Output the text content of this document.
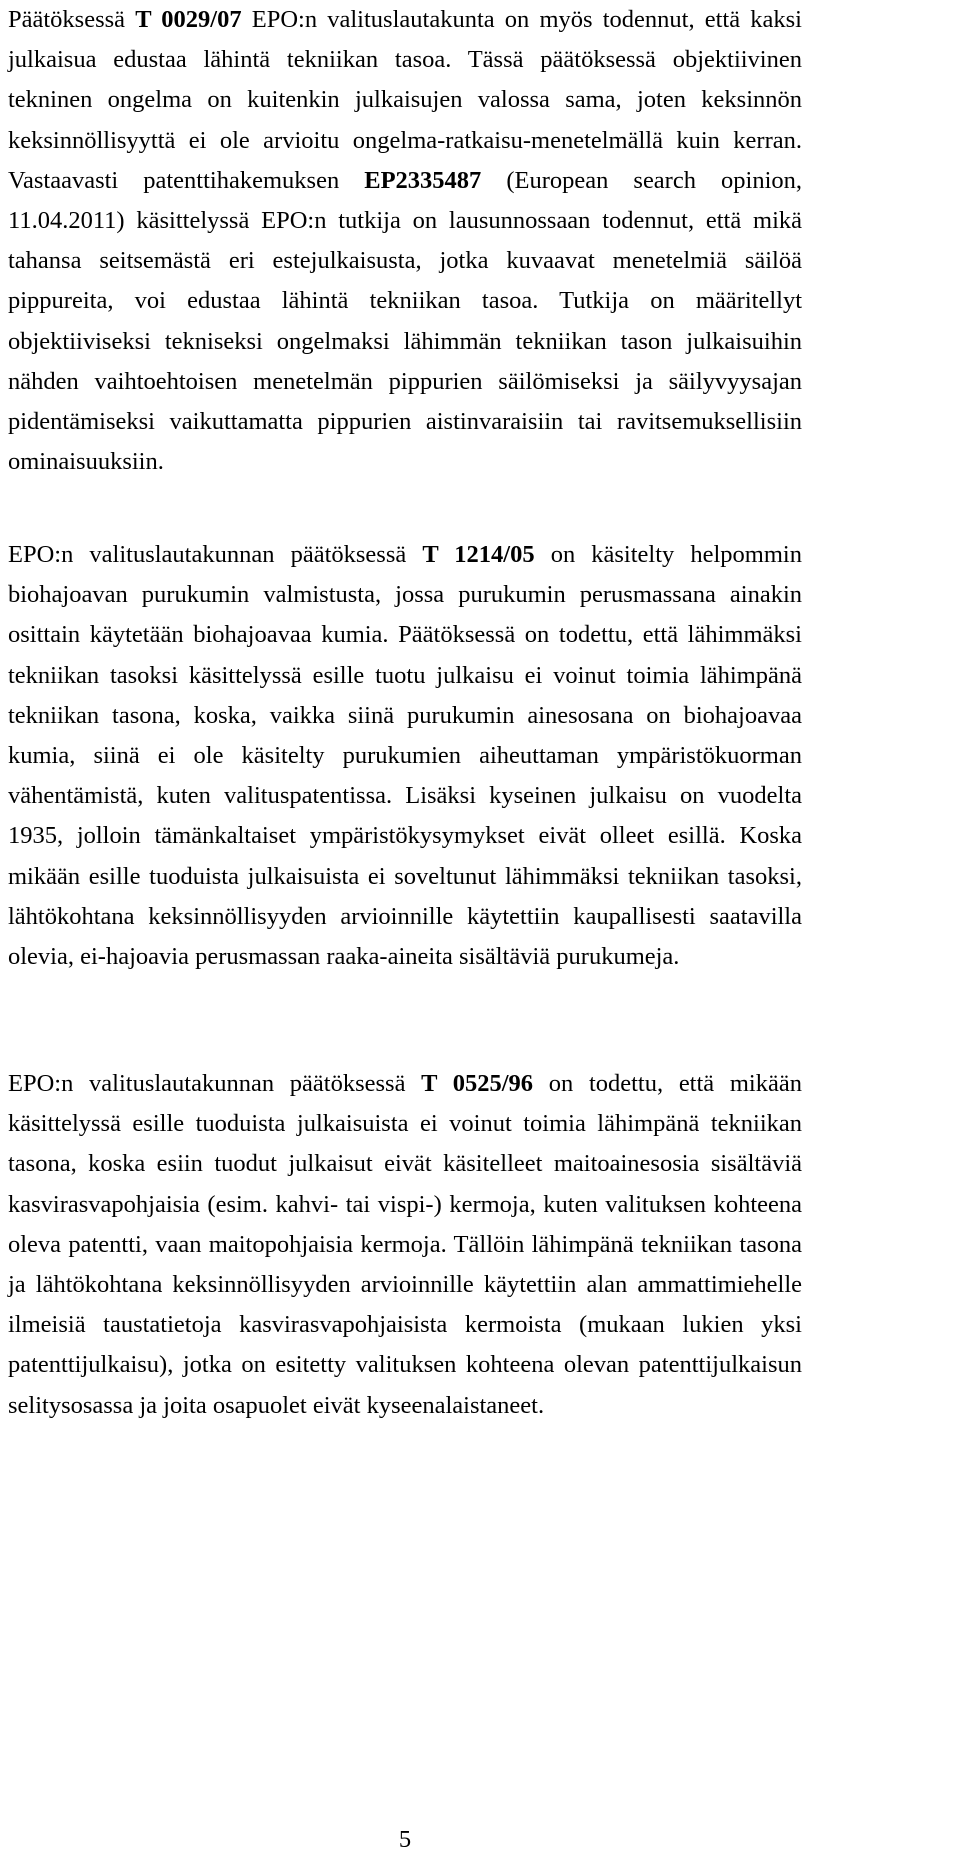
Päätöksessä T 0029/07 EPO:n valituslautakunta on myös todennut, että kaksi julkaisua edustaa lähintä tekniikan tasoa. Tässä päätöksessä objektiivinen tekninen ongelma on kuitenkin julkaisujen valossa sama, joten keksinnön keksinnöllisyyttä ei ole arvioitu ongelma-ratkaisu-menetelmällä kuin kerran. Vastaavasti patenttihakemuksen EP2335487 (European search opinion, 11.04.2011) käsittelyssä EPO:n tutkija on lausunnossaan todennut, että mikä tahansa seitsemästä eri estejulkaisusta, jotka kuvaavat menetelmiä säilöä pippureita, voi edustaa lähintä tekniikan tasoa. Tutkija on määritellyt objektiiviseksi tekniseksi ongelmaksi lähimmän tekniikan tason julkaisuihin nähden vaihtoehtoisen menetelmän pippurien säilömiseksi ja säilyvyysajan pidentämiseksi vaikuttamatta pippurien aistinvaraisiin tai ravitsemuksellisiin ominaisuuksiin.

EPO:n valituslautakunnan päätöksessä T 1214/05 on käsitelty helpommin biohajoavan purukumin valmistusta, jossa purukumin perusmassana ainakin osittain käytetään biohajoavaa kumia. Päätöksessä on todettu, että lähimmäksi tekniikan tasoksi käsittelyssä esille tuotu julkaisu ei voinut toimia lähimpänä tekniikan tasona, koska, vaikka siinä purukumin ainesosana on biohajoavaa kumia, siinä ei ole käsitelty purukumien aiheuttaman ympäristökuorman vähentämistä, kuten valituspatentissa. Lisäksi kyseinen julkaisu on vuodelta 1935, jolloin tämänkaltaiset ympäristökysymykset eivät olleet esillä. Koska mikään esille tuoduista julkaisuista ei soveltunut lähimmäksi tekniikan tasoksi, lähtökohtana keksinnöllisyyden arvioinnille käytettiin kaupallisesti saatavilla olevia, ei-hajoavia perusmassan raaka-aineita sisältäviä purukumeja.

EPO:n valituslautakunnan päätöksessä T 0525/96 on todettu, että mikään käsittelyssä esille tuoduista julkaisuista ei voinut toimia lähimpänä tekniikan tasona, koska esiin tuodut julkaisut eivät käsitelleet maitoainesosia sisältäviä kasvirasvapohjaisia (esim. kahvi- tai vispi-) kermoja, kuten valituksen kohteena oleva patentti, vaan maitopohjaisia kermoja. Tällöin lähimpänä tekniikan tasona ja lähtökohtana keksinnöllisyyden arvioinnille käytettiin alan ammattimiehelle ilmeisiä taustatietoja kasvirasvapohjaisista kermoista (mukaan lukien yksi patenttijulkaisu), jotka on esitetty valituksen kohteena olevan patenttijulkaisun selitysosassa ja joita osapuolet eivät kyseenalaistaneet.

5
